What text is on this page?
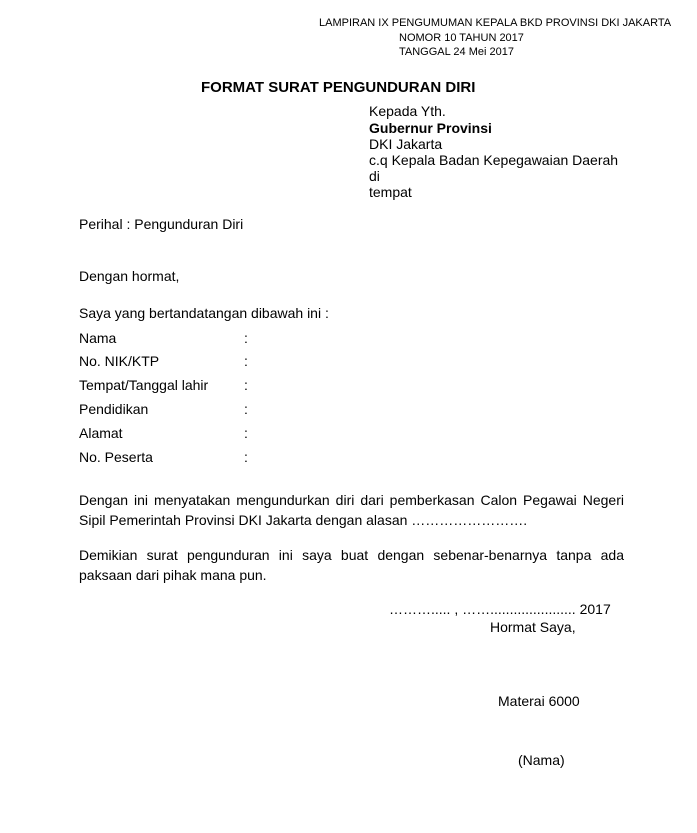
LAMPIRAN IX PENGUMUMAN KEPALA BKD PROVINSI DKI JAKARTA
NOMOR 10 TAHUN 2017
TANGGAL 24 Mei 2017
FORMAT SURAT PENGUNDURAN DIRI
Kepada Yth.
Gubernur Provinsi
DKI Jakarta
c.q Kepala Badan Kepegawaian Daerah
di
tempat
Perihal : Pengunduran Diri
Dengan hormat,
Saya yang bertandatangan dibawah ini :
Nama	:
No. NIK/KTP	:
Tempat/Tanggal lahir	:
Pendidikan	:
Alamat	:
No. Peserta	:
Dengan ini menyatakan mengundurkan diri dari pemberkasan Calon Pegawai Negeri Sipil Pemerintah Provinsi DKI Jakarta dengan alasan …………………….
Demikian surat pengunduran ini saya buat dengan sebenar-benarnya tanpa ada paksaan dari pihak mana pun.
………..... , ……...................... 2017
Hormat Saya,
Materai 6000
(Nama)
